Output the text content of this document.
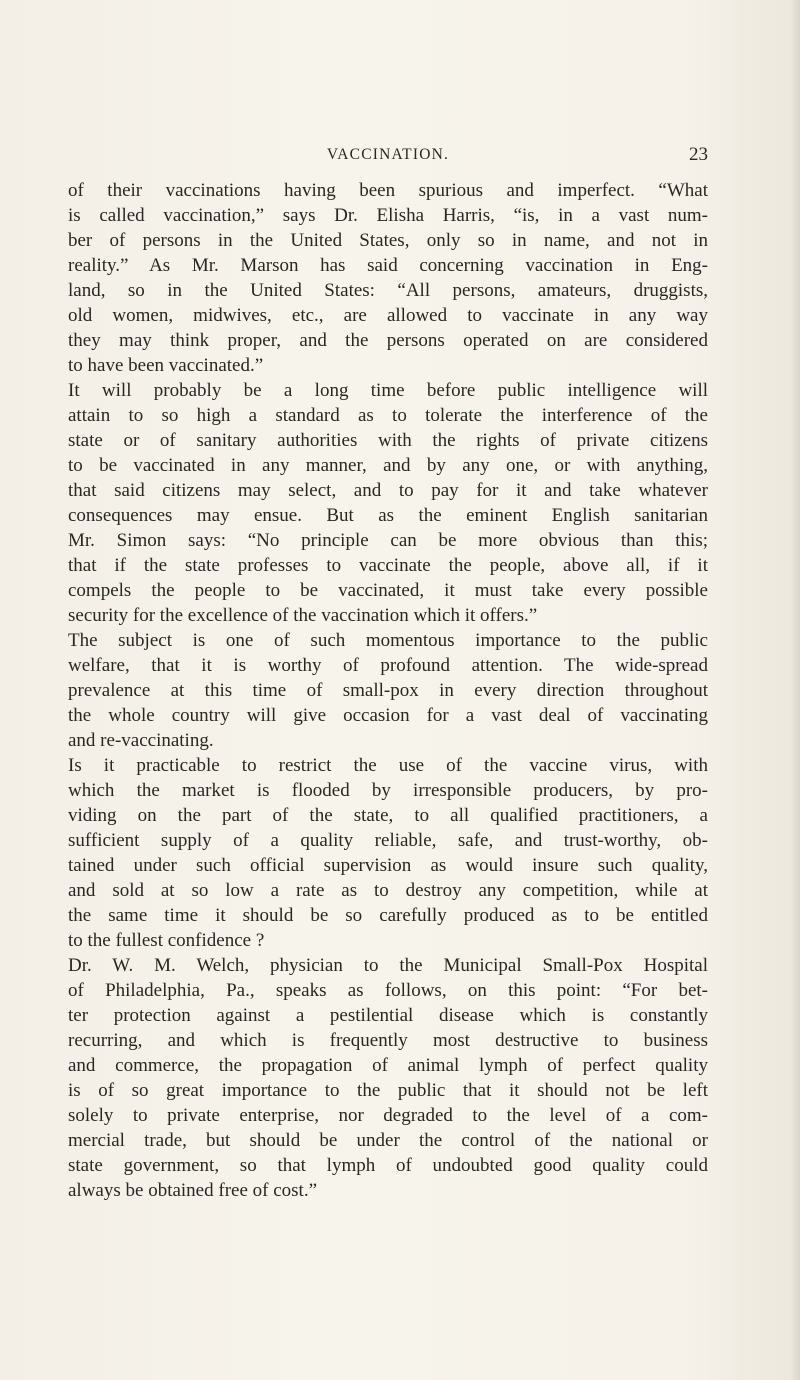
VACCINATION.	23
of their vaccinations having been spurious and imperfect. “What
is called vaccination,” says Dr. Elisha Harris, “is, in a vast num-
ber of persons in the United States, only so in name, and not in
reality.” As Mr. Marson has said concerning vaccination in Eng-
land, so in the United States: “All persons, amateurs, druggists,
old women, midwives, etc., are allowed to vaccinate in any way
they may think proper, and the persons operated on are considered
to have been vaccinated.”
It will probably be a long time before public intelligence will
attain to so high a standard as to tolerate the interference of the
state or of sanitary authorities with the rights of private citizens
to be vaccinated in any manner, and by any one, or with anything,
that said citizens may select, and to pay for it and take whatever
consequences may ensue. But as the eminent English sanitarian
Mr. Simon says: “No principle can be more obvious than this;
that if the state professes to vaccinate the people, above all, if it
compels the people to be vaccinated, it must take every possible
security for the excellence of the vaccination which it offers.”
The subject is one of such momentous importance to the public
welfare, that it is worthy of profound attention. The wide-spread
prevalence at this time of small-pox in every direction throughout
the whole country will give occasion for a vast deal of vaccinating
and re-vaccinating.
Is it practicable to restrict the use of the vaccine virus, with
which the market is flooded by irresponsible producers, by pro-
viding on the part of the state, to all qualified practitioners, a
sufficient supply of a quality reliable, safe, and trust-worthy, ob-
tained under such official supervision as would insure such quality,
and sold at so low a rate as to destroy any competition, while at
the same time it should be so carefully produced as to be entitled
to the fullest confidence ?
Dr. W. M. Welch, physician to the Municipal Small-Pox Hospital
of Philadelphia, Pa., speaks as follows, on this point: “For bet-
ter protection against a pestilential disease which is constantly
recurring, and which is frequently most destructive to business
and commerce, the propagation of animal lymph of perfect quality
is of so great importance to the public that it should not be left
solely to private enterprise, nor degraded to the level of a com-
mercial trade, but should be under the control of the national or
state government, so that lymph of undoubted good quality could
always be obtained free of cost.”
